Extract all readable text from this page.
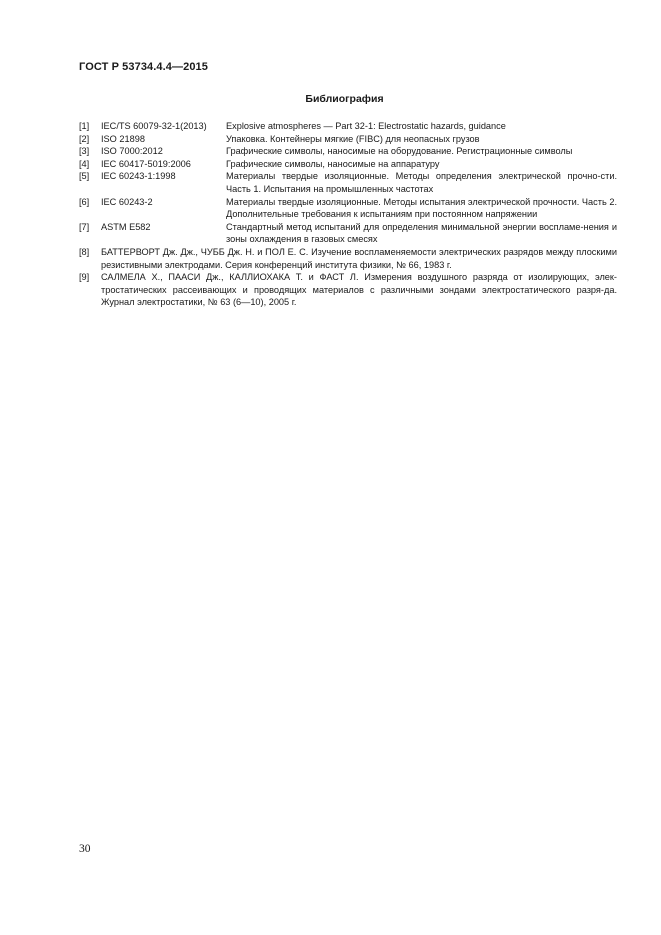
ГОСТ Р 53734.4.4—2015
Библиография
[1] IEC/TS 60079-32-1(2013) Explosive atmospheres — Part 32-1: Electrostatic hazards, guidance
[2] ISO 21898	Упаковка. Контейнеры мягкие (FIBC) для неопасных грузов
[3] ISO 7000:2012	Графические символы, наносимые на оборудование. Регистрационные символы
[4] IEC 60417-5019:2006	Графические символы, наносимые на аппаратуру
[5] IEC 60243-1:1998	Материалы твердые изоляционные. Методы определения электрической прочно-сти. Часть 1. Испытания на промышленных частотах
[6] IEC 60243-2	Материалы твердые изоляционные. Методы испытания электрической прочности. Часть 2. Дополнительные требования к испытаниям при постоянном напряжении
[7] ASTM E582	Стандартный метод испытаний для определения минимальной энергии воспламе-нения и зоны охлаждения в газовых смесях
[8] БАТТЕРВОРТ Дж. Дж., ЧУББ Дж. Н. и ПОЛ Е. С. Изучение воспламеняемости электрических разрядов между плоскими резистивными электродами. Серия конференций института физики, № 66, 1983 г.
[9] САЛМЕЛА Х., ПААСИ Дж., КАЛЛИОХАКА Т. и ФАСТ Л. Измерения воздушного разряда от изолирующих, элек-тростатических рассеивающих и проводящих материалов с различными зондами электростатического разря-да. Журнал электростатики, № 63 (6—10), 2005 г.
30
